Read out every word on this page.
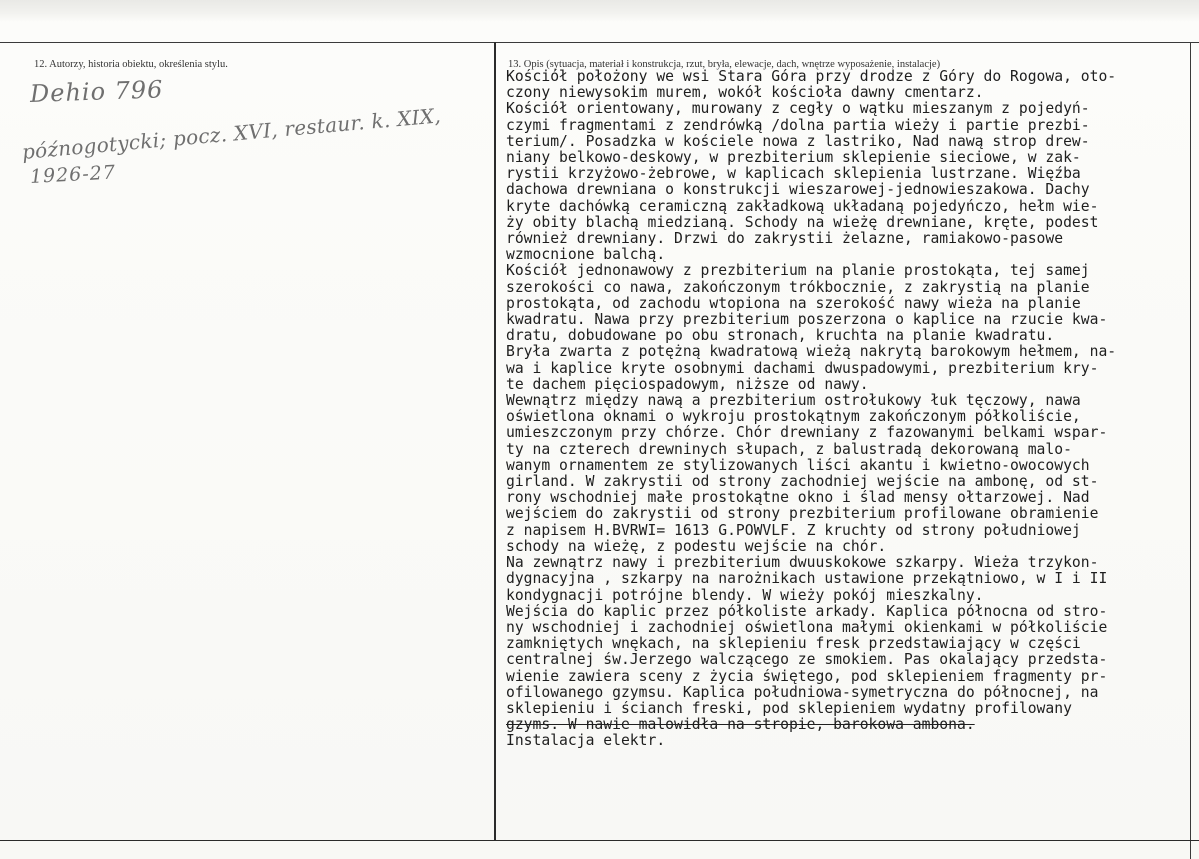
12. Autorzy, historia obiektu, określenia stylu.

Dehio 796

późnogotycki; pocz. XVI, restaur. k. XIX,

1926-27

13. Opis (sytuacja, materiał i konstrukcja, rzut, bryła, elewacje, dach, wnętrze wyposażenie, instalacje)

Kościół położony we wsi Stara Góra przy drodze z Góry do Rogowa, oto-
czony niewysokim murem, wokół kościoła dawny cmentarz.
Kościół orientowany, murowany z cegły o wątku mieszanym z pojedyń-
czymi fragmentami z zendrówką /dolna partia wieży i partie prezbi-
terium/. Posadzka w kościele nowa z lastriko, Nad nawą strop drew-
niany belkowo-deskowy, w prezbiterium sklepienie sieciowe, w zak-
rystii krzyżowo-żebrowe, w kaplicach sklepienia lustrzane. Więźba
dachowa drewniana o konstrukcji wieszarowej-jednowieszakowa. Dachy
kryte dachówką ceramiczną zakładkową układaną pojedyńczo, hełm wie-
ży obity blachą miedzianą. Schody na wieżę drewniane, kręte, podest
również drewniany. Drzwi do zakrystii żelazne, ramiakowo-pasowe
wzmocnione balchą.
Kościół jednonawowy z prezbiterium na planie prostokąta, tej samej
szerokości co nawa, zakończonym trókbocznie, z zakrystią na planie
prostokąta, od zachodu wtopiona na szerokość nawy wieża na planie
kwadratu. Nawa przy prezbiterium poszerzona o kaplice na rzucie kwa-
dratu, dobudowane po obu stronach, kruchta na planie kwadratu.
Bryła zwarta z potężną kwadratową wieżą nakrytą barokowym hełmem, na-
wa i kaplice kryte osobnymi dachami dwuspadowymi, prezbiterium kry-
te dachem pięciospadowym, niższe od nawy.
Wewnątrz między nawą a prezbiterium ostrołukowy łuk tęczowy, nawa
oświetlona oknami o wykroju prostokątnym zakończonym półkoliście,
umieszczonym przy chórze. Chór drewniany z fazowanymi belkami wspar-
ty na czterech drewninych słupach, z balustradą dekorowaną malo-
wanym ornamentem ze stylizowanych liści akantu i kwietno-owocowych
girland. W zakrystii od strony zachodniej wejście na ambonę, od st-
rony wschodniej małe prostokątne okno i ślad mensy ołtarzowej. Nad
wejściem do zakrystii od strony prezbiterium profilowane obramienie
z napisem H.BVRWI= 1613 G.POWVLF. Z kruchty od strony południowej
schody na wieżę, z podestu wejście na chór.
Na zewnątrz nawy i prezbiterium dwuuskokowe szkarpy. Wieża trzykon-
dygnacyjna , szkarpy na narożnikach ustawione przekątniowo, w I i II
kondygnacji potrójne blendy. W wieży pokój mieszkalny.
Wejścia do kaplic przez półkoliste arkady. Kaplica północna od stro-
ny wschodniej i zachodniej oświetlona małymi okienkami w półkoliście
zamkniętych wnękach, na sklepieniu fresk przedstawiający w części
centralnej św.Jerzego walczącego ze smokiem. Pas okalający przedsta-
wienie zawiera sceny z życia świętego, pod sklepieniem fragmenty pr-
ofilowanego gzymsu. Kaplica południowa-symetryczna do północnej, na
sklepieniu i ścianch freski, pod sklepieniem wydatny profilowany
gzyms. W nawie malowidła na stropie, barokowa ambona.
Instalacja elektr.
